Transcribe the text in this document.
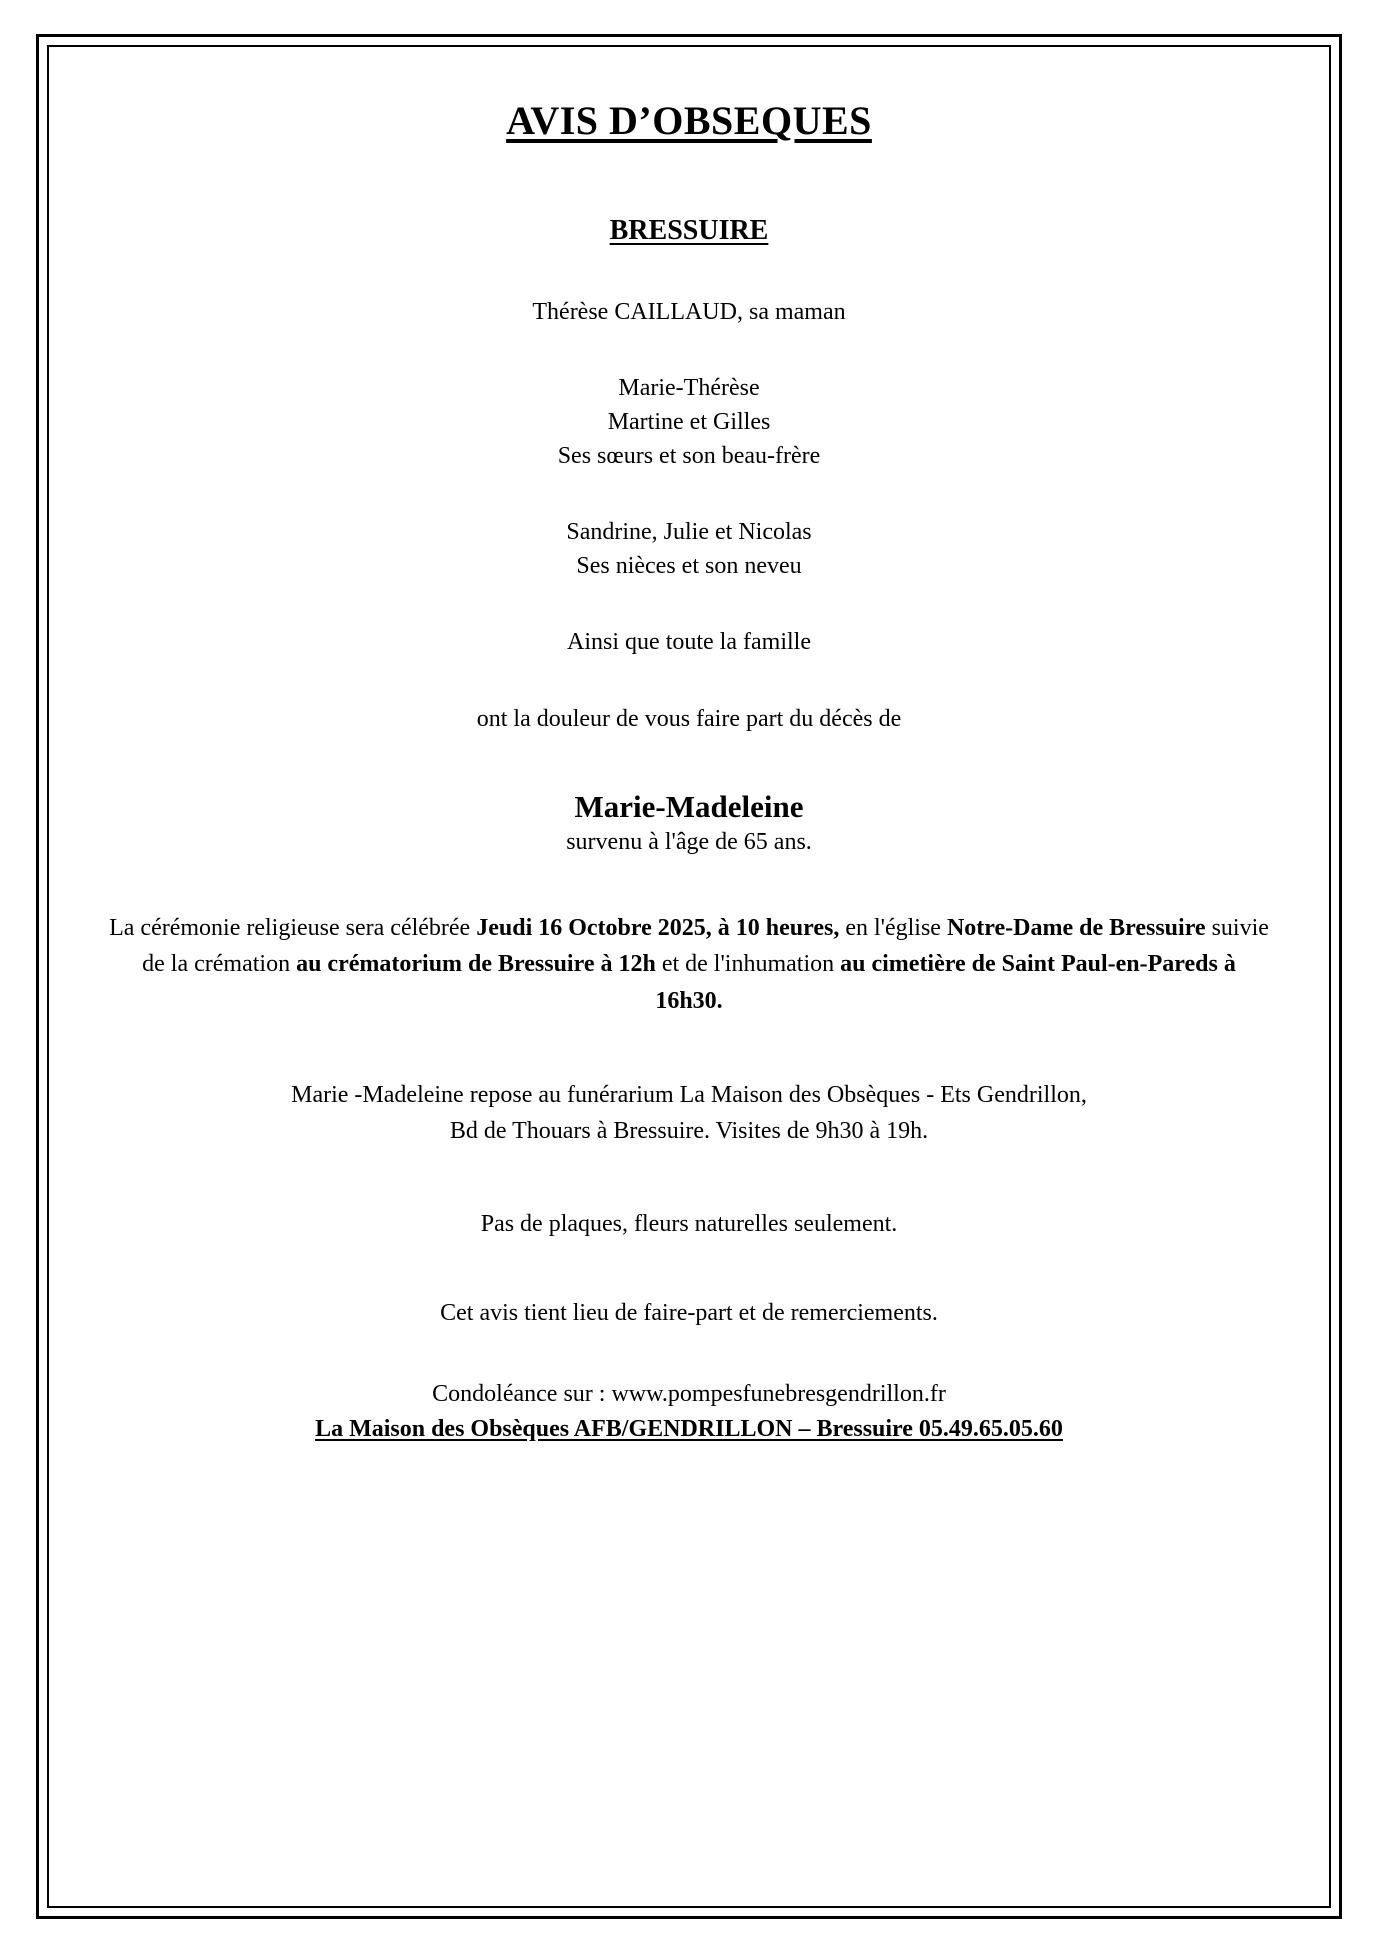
AVIS D’OBSEQUES
BRESSUIRE
Thérèse CAILLAUD, sa maman
Marie-Thérèse
Martine et Gilles
Ses sœurs et son beau-frère
Sandrine, Julie et Nicolas
Ses nièces et son neveu
Ainsi que toute la famille
ont la douleur de vous faire part du décès de
Marie-Madeleine
survenu à l'âge de 65 ans.
La cérémonie religieuse sera célébrée Jeudi 16 Octobre 2025, à 10 heures, en l'église Notre-Dame de Bressuire suivie de la crémation au crématorium de Bressuire à 12h et de l'inhumation au cimetière de Saint Paul-en-Pareds à 16h30.
Marie -Madeleine repose au funérarium La Maison des Obsèques - Ets Gendrillon,
Bd de Thouars à Bressuire. Visites de 9h30 à 19h.
Pas de plaques, fleurs naturelles seulement.
Cet avis tient lieu de faire-part et de remerciements.
Condoléance sur : www.pompesfunebresgendrillon.fr
La Maison des Obsèques AFB/GENDRILLON – Bressuire 05.49.65.05.60
